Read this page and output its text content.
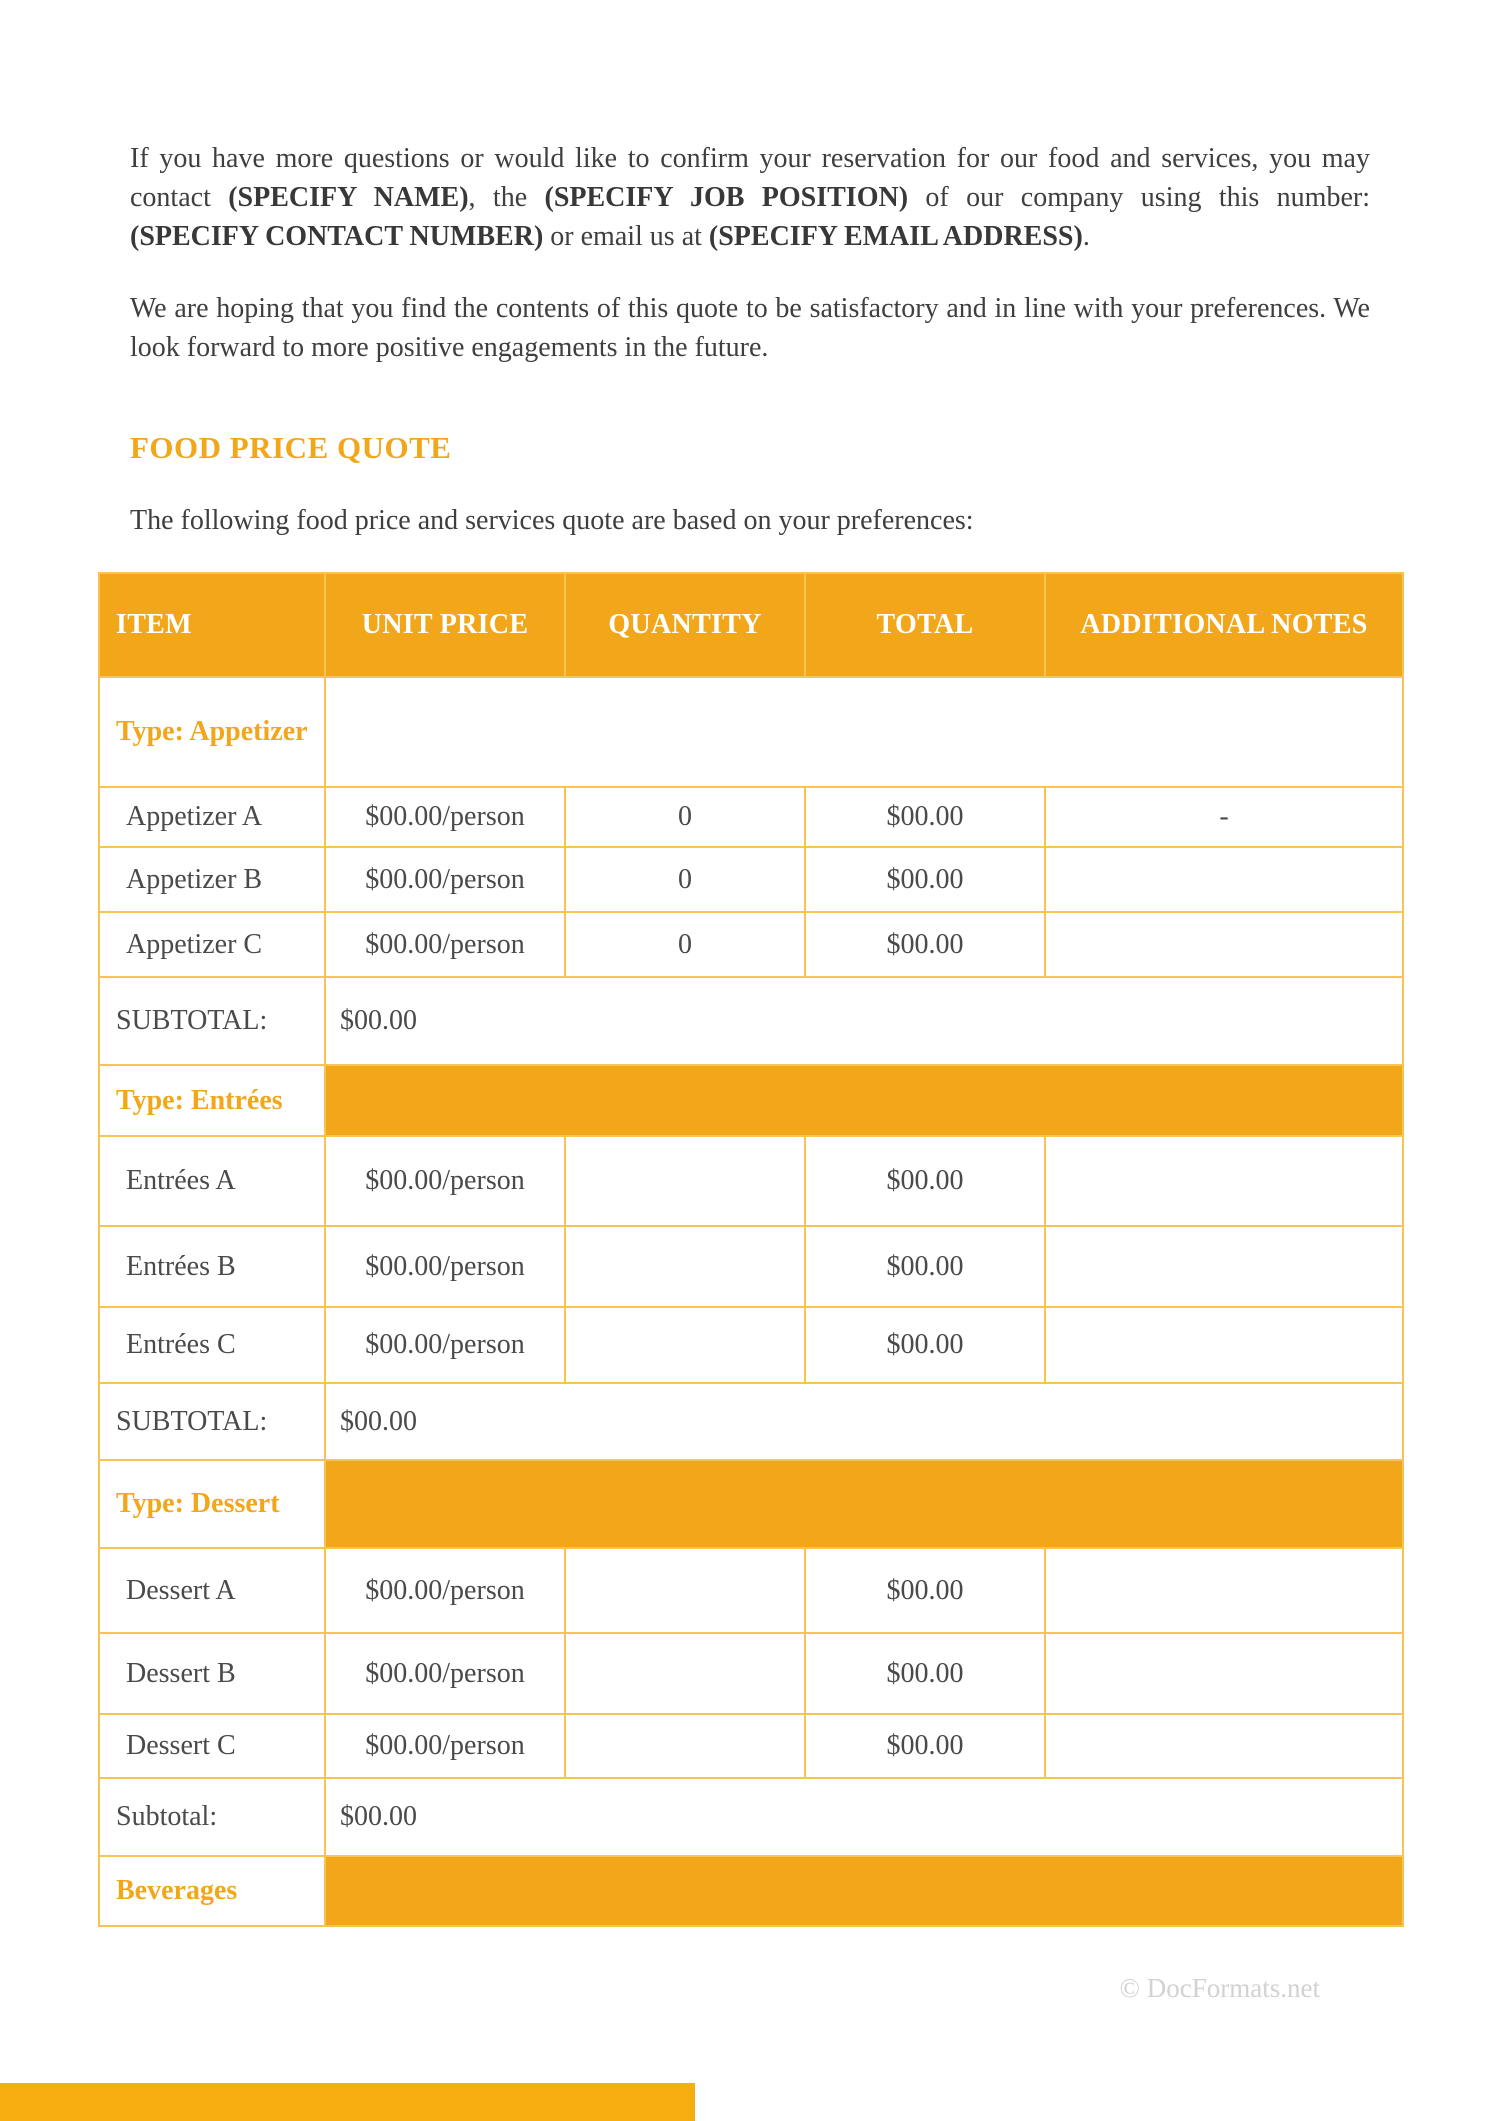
If you have more questions or would like to confirm your reservation for our food and services, you may contact (SPECIFY NAME), the (SPECIFY JOB POSITION) of our company using this number: (SPECIFY CONTACT NUMBER) or email us at (SPECIFY EMAIL ADDRESS).

We are hoping that you find the contents of this quote to be satisfactory and in line with your preferences. We look forward to more positive engagements in the future.

FOOD PRICE QUOTE

The following food price and services quote are based on your preferences:

ITEM	UNIT PRICE	QUANTITY	TOTAL	ADDITIONAL NOTES
Type: Appetizer				
Appetizer A	$00.00/person	0	$00.00	-
Appetizer B	$00.00/person	0	$00.00	
Appetizer C	$00.00/person	0	$00.00	
SUBTOTAL:	$00.00			
Type: Entrées				
Entrées A	$00.00/person		$00.00	
Entrées B	$00.00/person		$00.00	
Entrées C	$00.00/person		$00.00	
SUBTOTAL:	$00.00			
Type: Dessert				
Dessert A	$00.00/person		$00.00	
Dessert B	$00.00/person		$00.00	
Dessert C	$00.00/person		$00.00	
Subtotal:	$00.00			
Beverages				
© DocFormats.net
